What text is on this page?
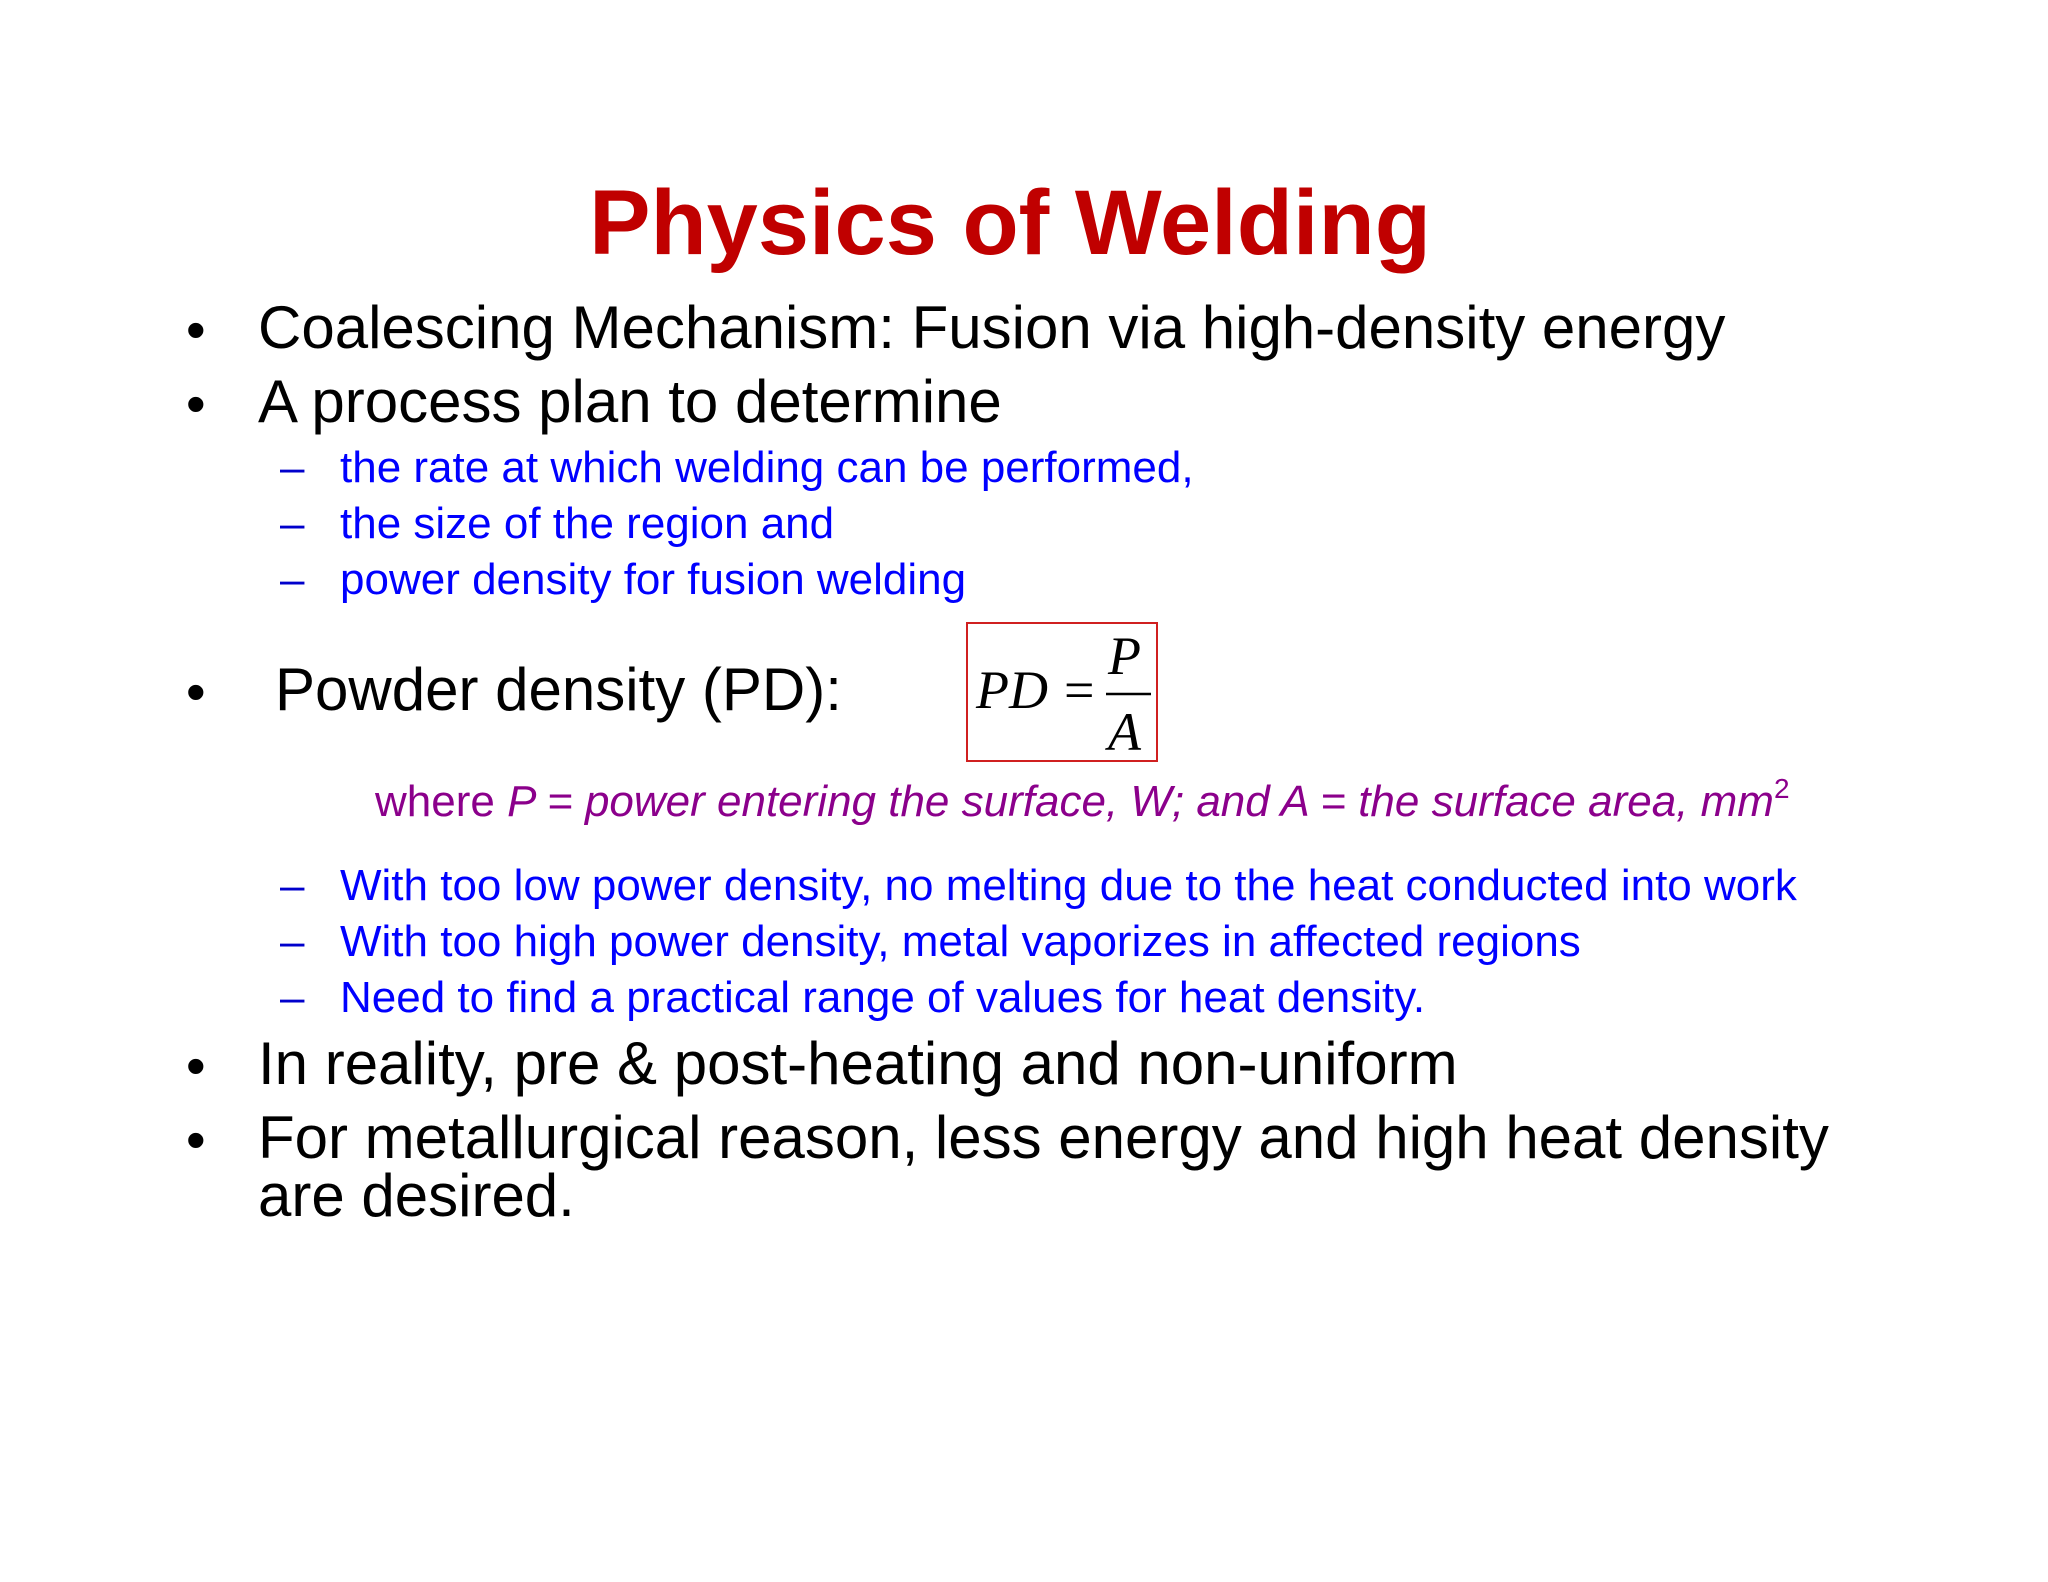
Physics of Welding
• Coalescing Mechanism: Fusion via high-density energy
• A process plan to determine
– the rate at which welding can be performed,
– the size of the region and
– power density for fusion welding
• Powder density (PD): PD =
P
A
where P = power entering the surface, W; and A = the surface area, $mm^2$
– With too low power density, no melting due to the heat conducted into work
– With too high power density, metal vaporizes in affected regions
– Need to find a practical range of values for heat density.
• In reality, pre & post-heating and non-uniform
• For metallurgical reason, less energy and high heat density
are desired.
